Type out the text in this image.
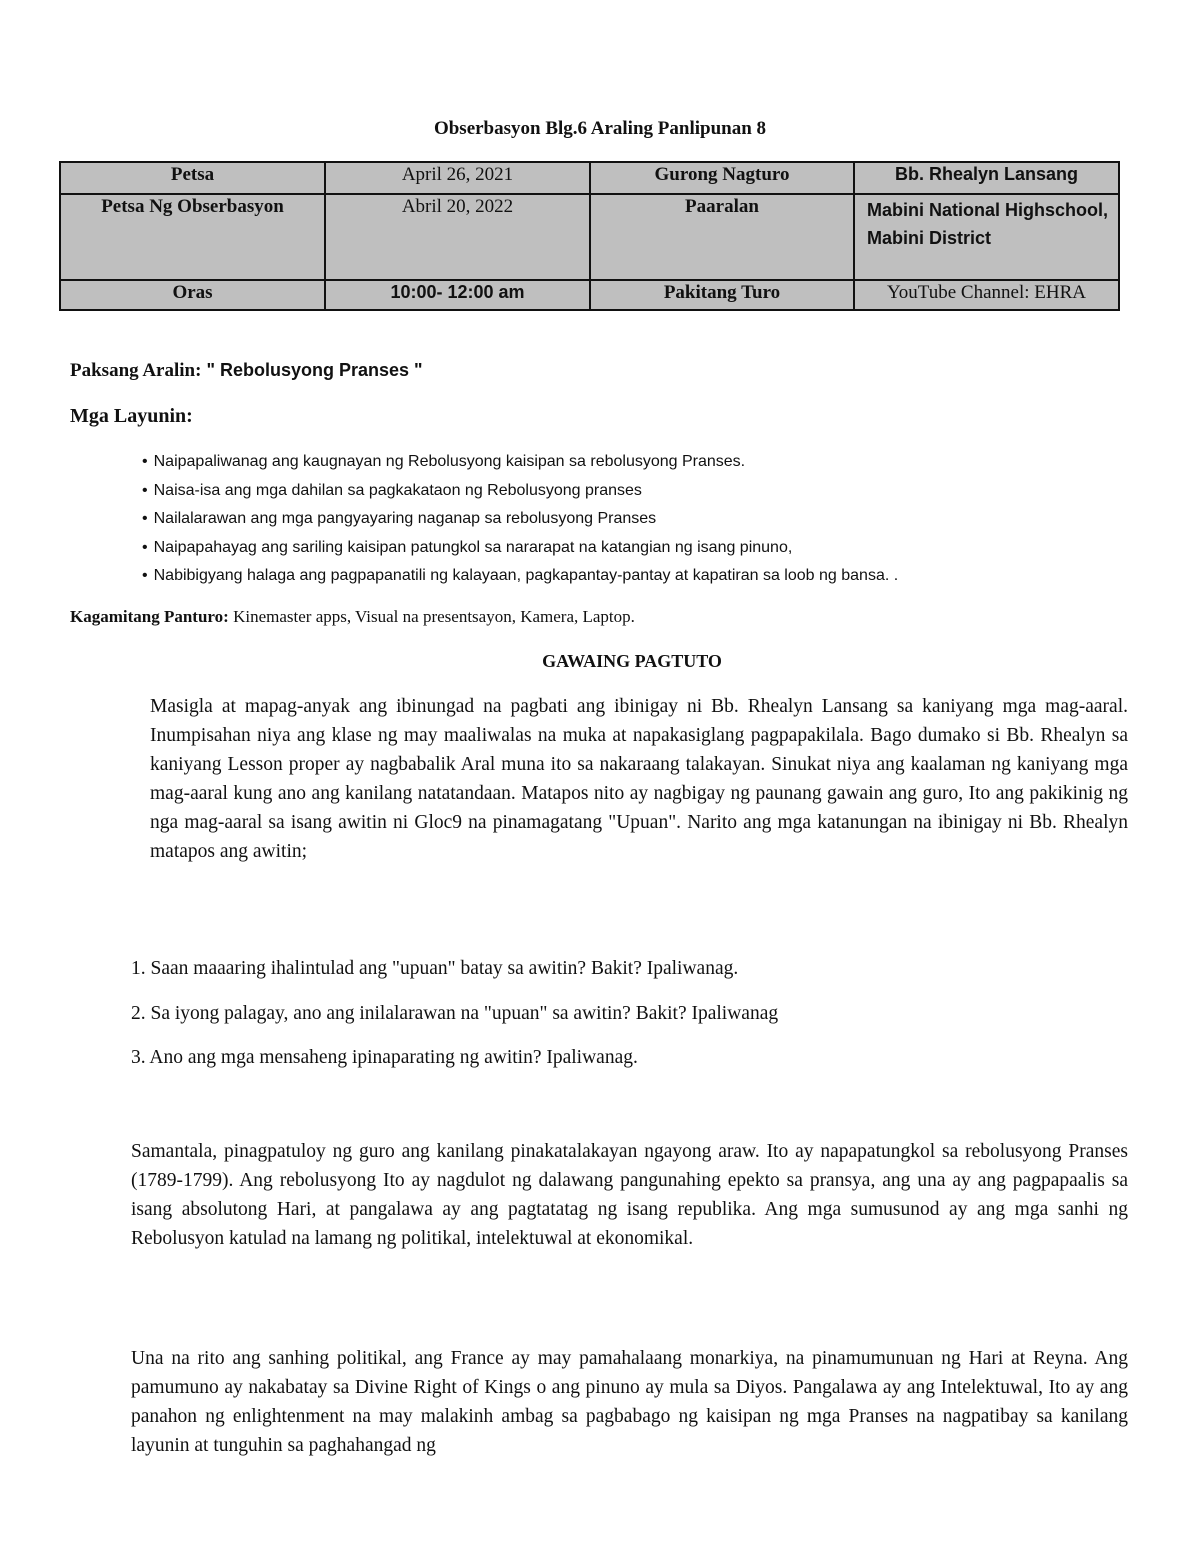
Obserbasyon Blg.6 Araling Panlipunan 8
Petsa	April 26, 2021	Gurong Nagturo	Bb. Rhealyn Lansang
Petsa Ng Obserbasyon	Abril 20, 2022	Paaralan	Mabini National Highschool, Mabini District
Oras	10:00- 12:00 am	Pakitang Turo	YouTube Channel: EHRA

Paksang Aralin: " Rebolusyong Pranses "

Mga Layunin:

• Naipapaliwanag ang kaugnayan ng Rebolusyong kaisipan sa rebolusyong Pranses.
• Naisa-isa ang mga dahilan sa pagkakataon ng Rebolusyong pranses
• Nailalarawan ang mga pangyayaring naganap sa rebolusyong Pranses
• Naipapahayag ang sariling kaisipan patungkol sa nararapat na katangian ng isang pinuno,
• Nabibigyang halaga ang pagpapanatili ng kalayaan, pagkapantay-pantay at kapatiran sa loob ng bansa. .

Kagamitang Panturo: Kinemaster apps, Visual na presentsayon, Kamera, Laptop.

GAWAING PAGTUTO

Masigla at mapag-anyak ang ibinungad na pagbati ang ibinigay ni Bb. Rhealyn Lansang sa kaniyang mga mag-aaral. Inumpisahan niya ang klase ng may maaliwalas na muka at napakasiglang pagpapakilala. Bago dumako si Bb. Rhealyn sa kaniyang Lesson proper ay nagbabalik Aral muna ito sa nakaraang talakayan. Sinukat niya ang kaalaman ng kaniyang mga mag-aaral kung ano ang kanilang natatandaan. Matapos nito ay nagbigay ng paunang gawain ang guro, Ito ang pakikinig ng nga mag-aaral sa isang awitin ni Gloc9 na pinamagatang "Upuan". Narito ang mga katanungan na ibinigay ni Bb. Rhealyn matapos ang awitin;

1. Saan maaaring ihalintulad ang "upuan" batay sa awitin? Bakit? Ipaliwanag.

2. Sa iyong palagay, ano ang inilalarawan na "upuan" sa awitin? Bakit? Ipaliwanag

3. Ano ang mga mensaheng ipinaparating ng awitin? Ipaliwanag.

Samantala, pinagpatuloy ng guro ang kanilang pinakatalakayan ngayong araw. Ito ay napapatungkol sa rebolusyong Pranses (1789-1799). Ang rebolusyong Ito ay nagdulot ng dalawang pangunahing epekto sa pransya, ang una ay ang pagpapaalis sa isang absolutong Hari, at pangalawa ay ang pagtatatag ng isang republika. Ang mga sumusunod ay ang mga sanhi ng Rebolusyon katulad na lamang ng politikal, intelektuwal at ekonomikal.

Una na rito ang sanhing politikal, ang France ay may pamahalaang monarkiya, na pinamumunuan ng Hari at Reyna. Ang pamumuno ay nakabatay sa Divine Right of Kings o ang pinuno ay mula sa Diyos. Pangalawa ay ang Intelektuwal, Ito ay ang panahon ng enlightenment na may malakinh ambag sa pagbabago ng kaisipan ng mga Pranses na nagpatibay sa kanilang layunin at tunguhin sa paghahangad ng
